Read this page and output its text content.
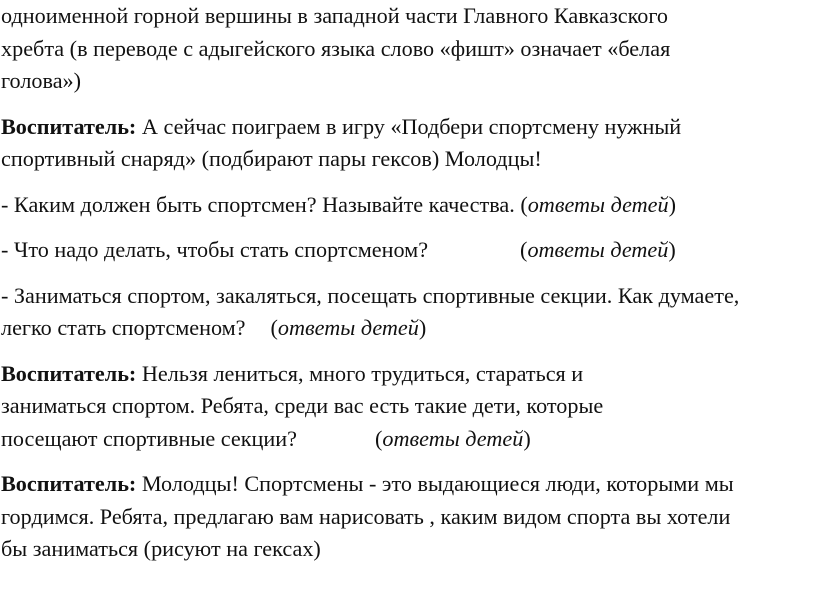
одноименной горной вершины в западной части Главного Кавказского
хребта (в переводе с адыгейского языка слово «фишт» означает «белая
голова»)
Воспитатель: А сейчас поиграем в игру «Подбери спортсмену нужный
спортивный снаряд» (подбирают пары гексов) Молодцы!
- Каким должен быть спортсмен? Называйте качества. (ответы детей)
- Что надо делать, чтобы стать спортсменом?	(ответы детей)
- Заниматься спортом, закаляться, посещать спортивные секции. Как думаете,
легко стать спортсменом? (ответы детей)
Воспитатель: Нельзя лениться, много трудиться, стараться и
заниматься спортом. Ребята, среди вас есть такие дети, которые
посещают спортивные секции?	(ответы детей)
Воспитатель: Молодцы! Спортсмены - это выдающиеся люди, которыми мы
гордимся. Ребята, предлагаю вам нарисовать , каким видом спорта вы хотели
бы заниматься (рисуют на гексах)
